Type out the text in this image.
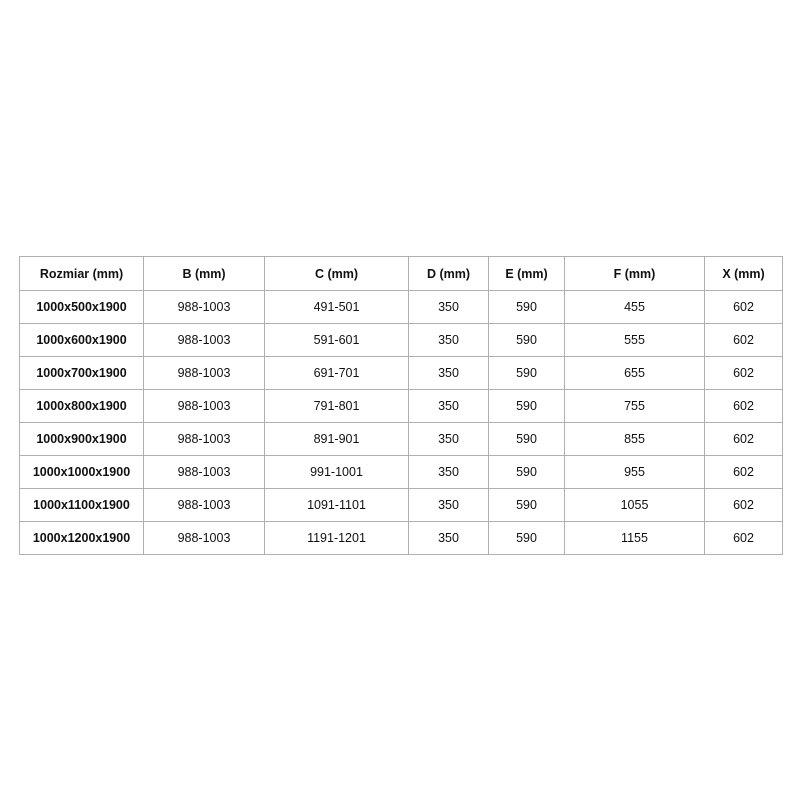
Rozmiar (mm)	B (mm)	C (mm)	D (mm)	E (mm)	F (mm)	X (mm)
1000x500x1900	988-1003	491-501	350	590	455	602
1000x600x1900	988-1003	591-601	350	590	555	602
1000x700x1900	988-1003	691-701	350	590	655	602
1000x800x1900	988-1003	791-801	350	590	755	602
1000x900x1900	988-1003	891-901	350	590	855	602
1000x1000x1900	988-1003	991-1001	350	590	955	602
1000x1100x1900	988-1003	1091-1101	350	590	1055	602
1000x1200x1900	988-1003	1191-1201	350	590	1155	602
